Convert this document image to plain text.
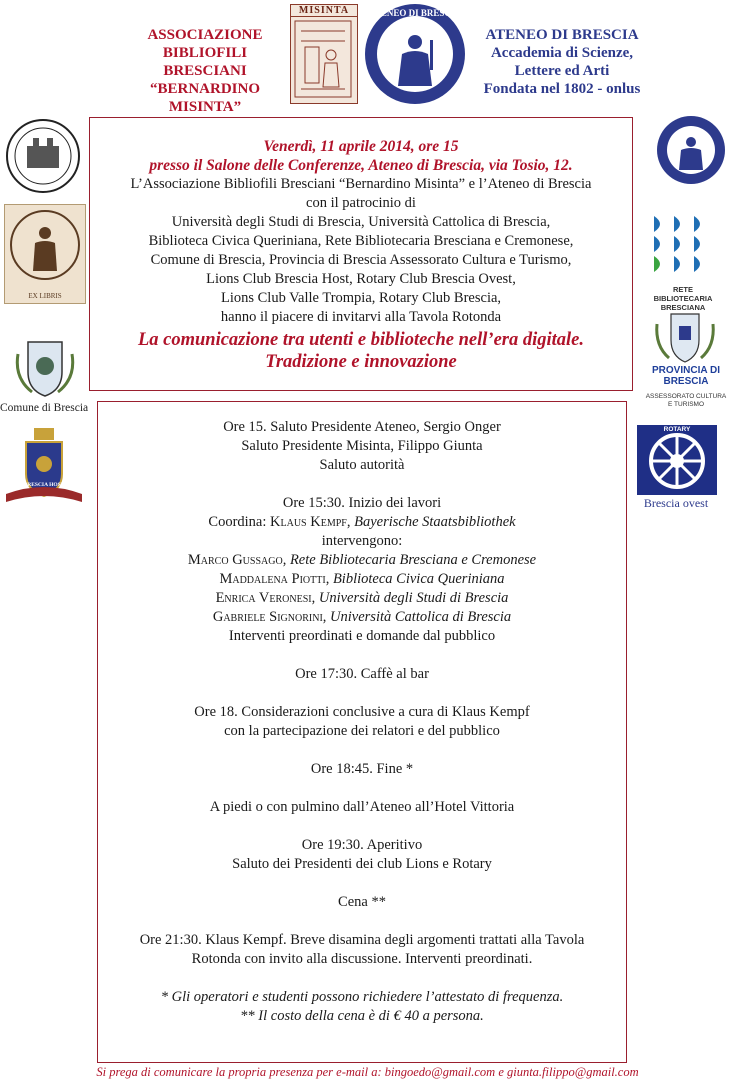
ASSOCIAZIONE
BIBLIOFILI
BRESCIANI
“BERNARDINO MISINTA”
MISINTA	ATENEO DI BRESCIA
ATENEO DI BRESCIA
Accademia di Scienze,
Lettere ed Arti
Fondata nel 1802 - onlus
EX LIBRIS
Comune di Brescia
BRESCIA HOST
RETE BIBLIOTECARIA BRESCIANA
PROVINCIA DI BRESCIA
ASSESSORATO CULTURA E TURISMO
ROTARY
Brescia ovest
Venerdì, 11 aprile 2014, ore 15
presso il Salone delle Conferenze, Ateneo di Brescia, via Tosio, 12.
L’Associazione Bibliofili Bresciani “Bernardino Misinta” e l’Ateneo di Brescia
con il patrocinio di
Università degli Studi di Brescia, Università Cattolica di Brescia,
Biblioteca Civica Queriniana, Rete Bibliotecaria Bresciana e Cremonese,
Comune di Brescia, Provincia di Brescia Assessorato Cultura e Turismo,
Lions Club Brescia Host, Rotary Club Brescia Ovest,
Lions Club Valle Trompia, Rotary Club Brescia,
hanno il piacere di invitarvi alla Tavola Rotonda
La comunicazione tra utenti e biblioteche nell’era digitale.
Tradizione e innovazione
Ore 15. Saluto Presidente Ateneo, Sergio Onger
Saluto Presidente Misinta, Filippo Giunta
Saluto autorità
Ore 15:30. Inizio dei lavori
Coordina: Klaus Kempf, Bayerische Staatsbibliothek
intervengono:
Marco Gussago, Rete Bibliotecaria Bresciana e Cremonese
Maddalena Piotti, Biblioteca Civica Queriniana
Enrica Veronesi, Università degli Studi di Brescia
Gabriele Signorini, Università Cattolica di Brescia
Interventi preordinati e domande dal pubblico
Ore 17:30. Caffè al bar
Ore 18. Considerazioni conclusive a cura di Klaus Kempf
con la partecipazione dei relatori e del pubblico
Ore 18:45. Fine *
A piedi o con pulmino dall’Ateneo all’Hotel Vittoria
Ore 19:30. Aperitivo
Saluto dei Presidenti dei club Lions e Rotary
Cena **
Ore 21:30. Klaus Kempf. Breve disamina degli argomenti trattati alla Tavola
Rotonda con invito alla discussione. Interventi preordinati.
* Gli operatori e studenti possono richiedere l’attestato di frequenza.
** Il costo della cena è di € 40 a persona.
Si prega di comunicare la propria presenza per e-mail a: bingoedo@gmail.com e giunta.filippo@gmail.com
